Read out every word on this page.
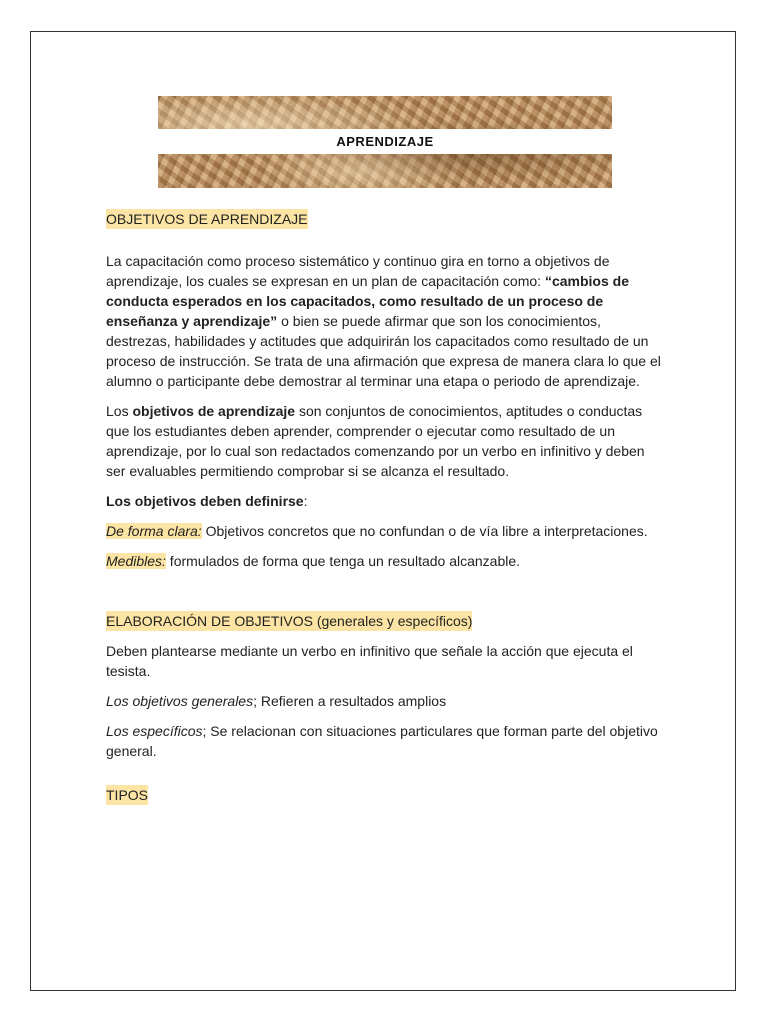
APRENDIZAJE

OBJETIVOS DE APRENDIZAJE

La capacitación como proceso sistemático y continuo gira en torno a objetivos de aprendizaje, los cuales se expresan en un plan de capacitación como: “cambios de conducta esperados en los capacitados, como resultado de un proceso de enseñanza y aprendizaje” o bien se puede afirmar que son los conocimientos, destrezas, habilidades y actitudes que adquirirán los capacitados como resultado de un proceso de instrucción. Se trata de una afirmación que expresa de manera clara lo que el alumno o participante debe demostrar al terminar una etapa o periodo de aprendizaje.

Los objetivos de aprendizaje son conjuntos de conocimientos, aptitudes o conductas que los estudiantes deben aprender, comprender o ejecutar como resultado de un aprendizaje, por lo cual son redactados comenzando por un verbo en infinitivo y deben ser evaluables permitiendo comprobar si se alcanza el resultado.

Los objetivos deben definirse:

De forma clara: Objetivos concretos que no confundan o de vía libre a interpretaciones.

Medibles: formulados de forma que tenga un resultado alcanzable.

ELABORACIÓN DE OBJETIVOS (generales y específicos)

Deben plantearse mediante un verbo en infinitivo que señale la acción que ejecuta el tesista.

Los objetivos generales; Refieren a resultados amplios

Los específicos; Se relacionan con situaciones particulares que forman parte del objetivo general.

TIPOS
